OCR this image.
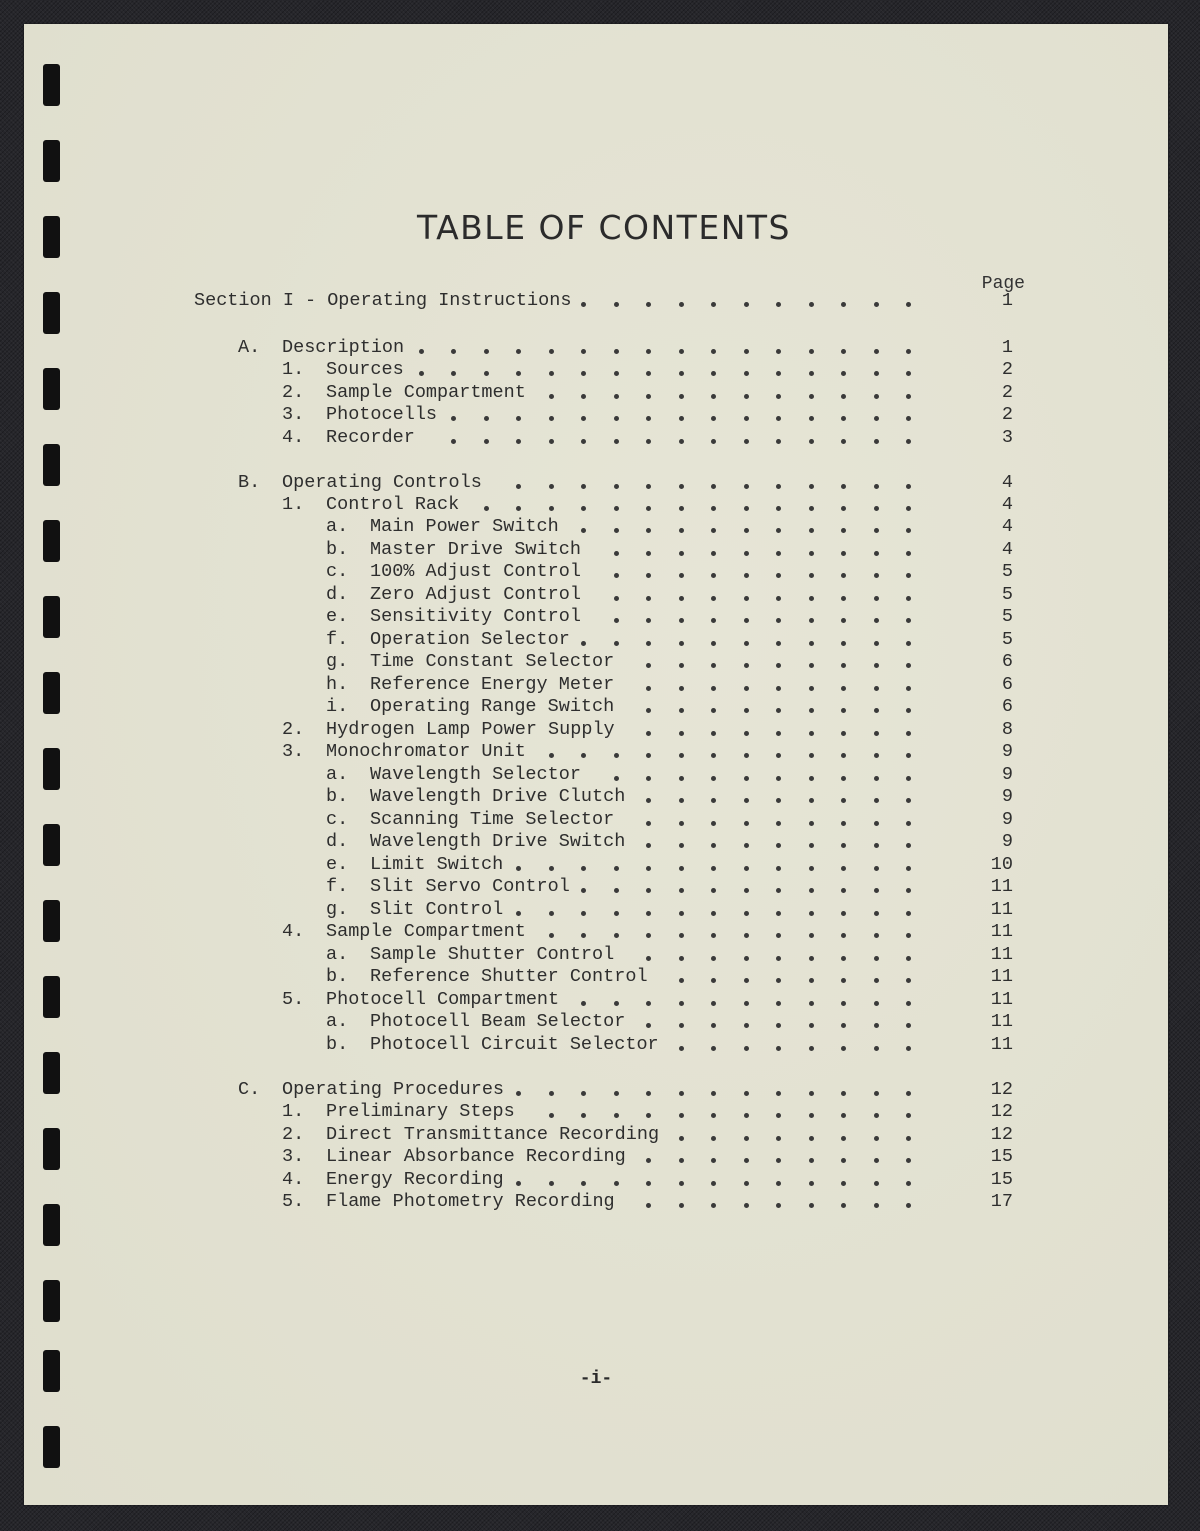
TABLE OF CONTENTS
Page
Section I - Operating Instructions	1
A. Description	1
1. Sources	2
2. Sample Compartment	2
3. Photocells	2
4. Recorder	3
B. Operating Controls	4
1. Control Rack	4
a. Main Power Switch	4
b. Master Drive Switch	4
c. 100% Adjust Control	5
d. Zero Adjust Control	5
e. Sensitivity Control	5
f. Operation Selector	5
g. Time Constant Selector	6
h. Reference Energy Meter	6
i. Operating Range Switch	6
2. Hydrogen Lamp Power Supply	8
3. Monochromator Unit	9
a. Wavelength Selector	9
b. Wavelength Drive Clutch	9
c. Scanning Time Selector	9
d. Wavelength Drive Switch	9
e. Limit Switch	10
f. Slit Servo Control	11
g. Slit Control	11
4. Sample Compartment	11
a. Sample Shutter Control	11
b. Reference Shutter Control	11
5. Photocell Compartment	11
a. Photocell Beam Selector	11
b. Photocell Circuit Selector	11
C. Operating Procedures	12
1. Preliminary Steps	12
2. Direct Transmittance Recording	12
3. Linear Absorbance Recording	15
4. Energy Recording	15
5. Flame Photometry Recording	17
-i-
